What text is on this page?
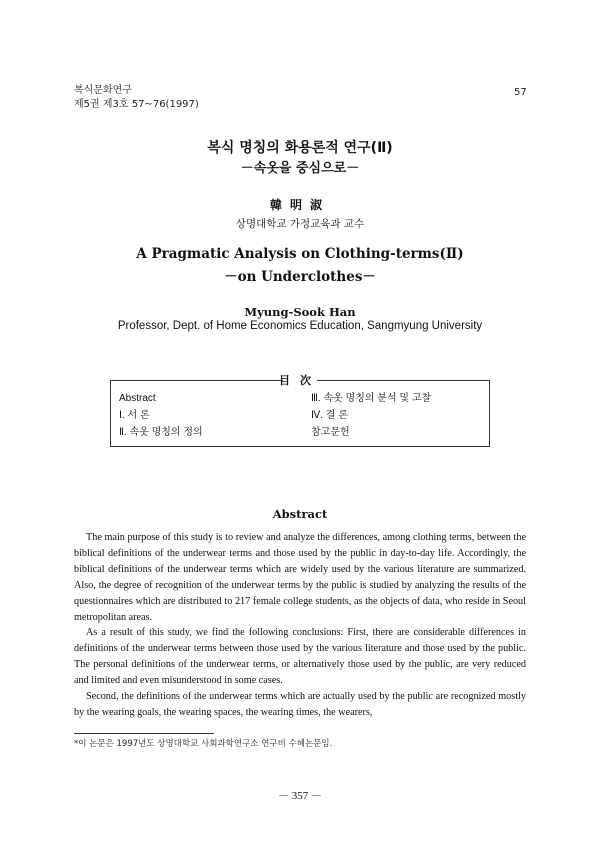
복식문화연구
제5권 제3호 57~76(1997)
57
복식 명칭의 화용론적 연구(Ⅱ)
－속옷을 중심으로－
韓明淑
상명대학교 가정교육과 교수
A Pragmatic Analysis on Clothing-terms(Ⅱ)
－on Underclothes－
Myung-Sook Han
Professor, Dept. of Home Economics Education, Sangmyung University
目次
Abstract
Ⅰ. 서 론
Ⅱ. 속옷 명칭의 정의
Ⅲ. 속옷 명칭의 분석 및 고찰
Ⅳ. 결 론
참고문헌
Abstract

The main purpose of this study is to review and analyze the differences, among clothing terms, between the biblical definitions of the underwear terms and those used by the public in day-to-day life. Accordingly, the biblical definitions of the underwear terms which are widely used by the various literature are summarized. Also, the degree of recognition of the underwear terms by the public is studied by analyzing the results of the questionnaires which are distributed to 217 female college students, as the objects of data, who reside in Seoul metropolitan areas.

As a result of this study, we find the following conclusions: First, there are considerable differences in definitions of the underwear terms between those used by the various literature and those used by the public. The personal definitions of the underwear terms, or alternatively those used by the public, are very reduced and limited and even misunderstood in some cases.

Second, the definitions of the underwear terms which are actually used by the public are recognized mostly by the wearing goals, the wearing spaces, the wearing times, the wearers,

*이 논문은 1997년도 상명대학교 사회과학연구소 연구비 수혜논문임.
－ 357 －
